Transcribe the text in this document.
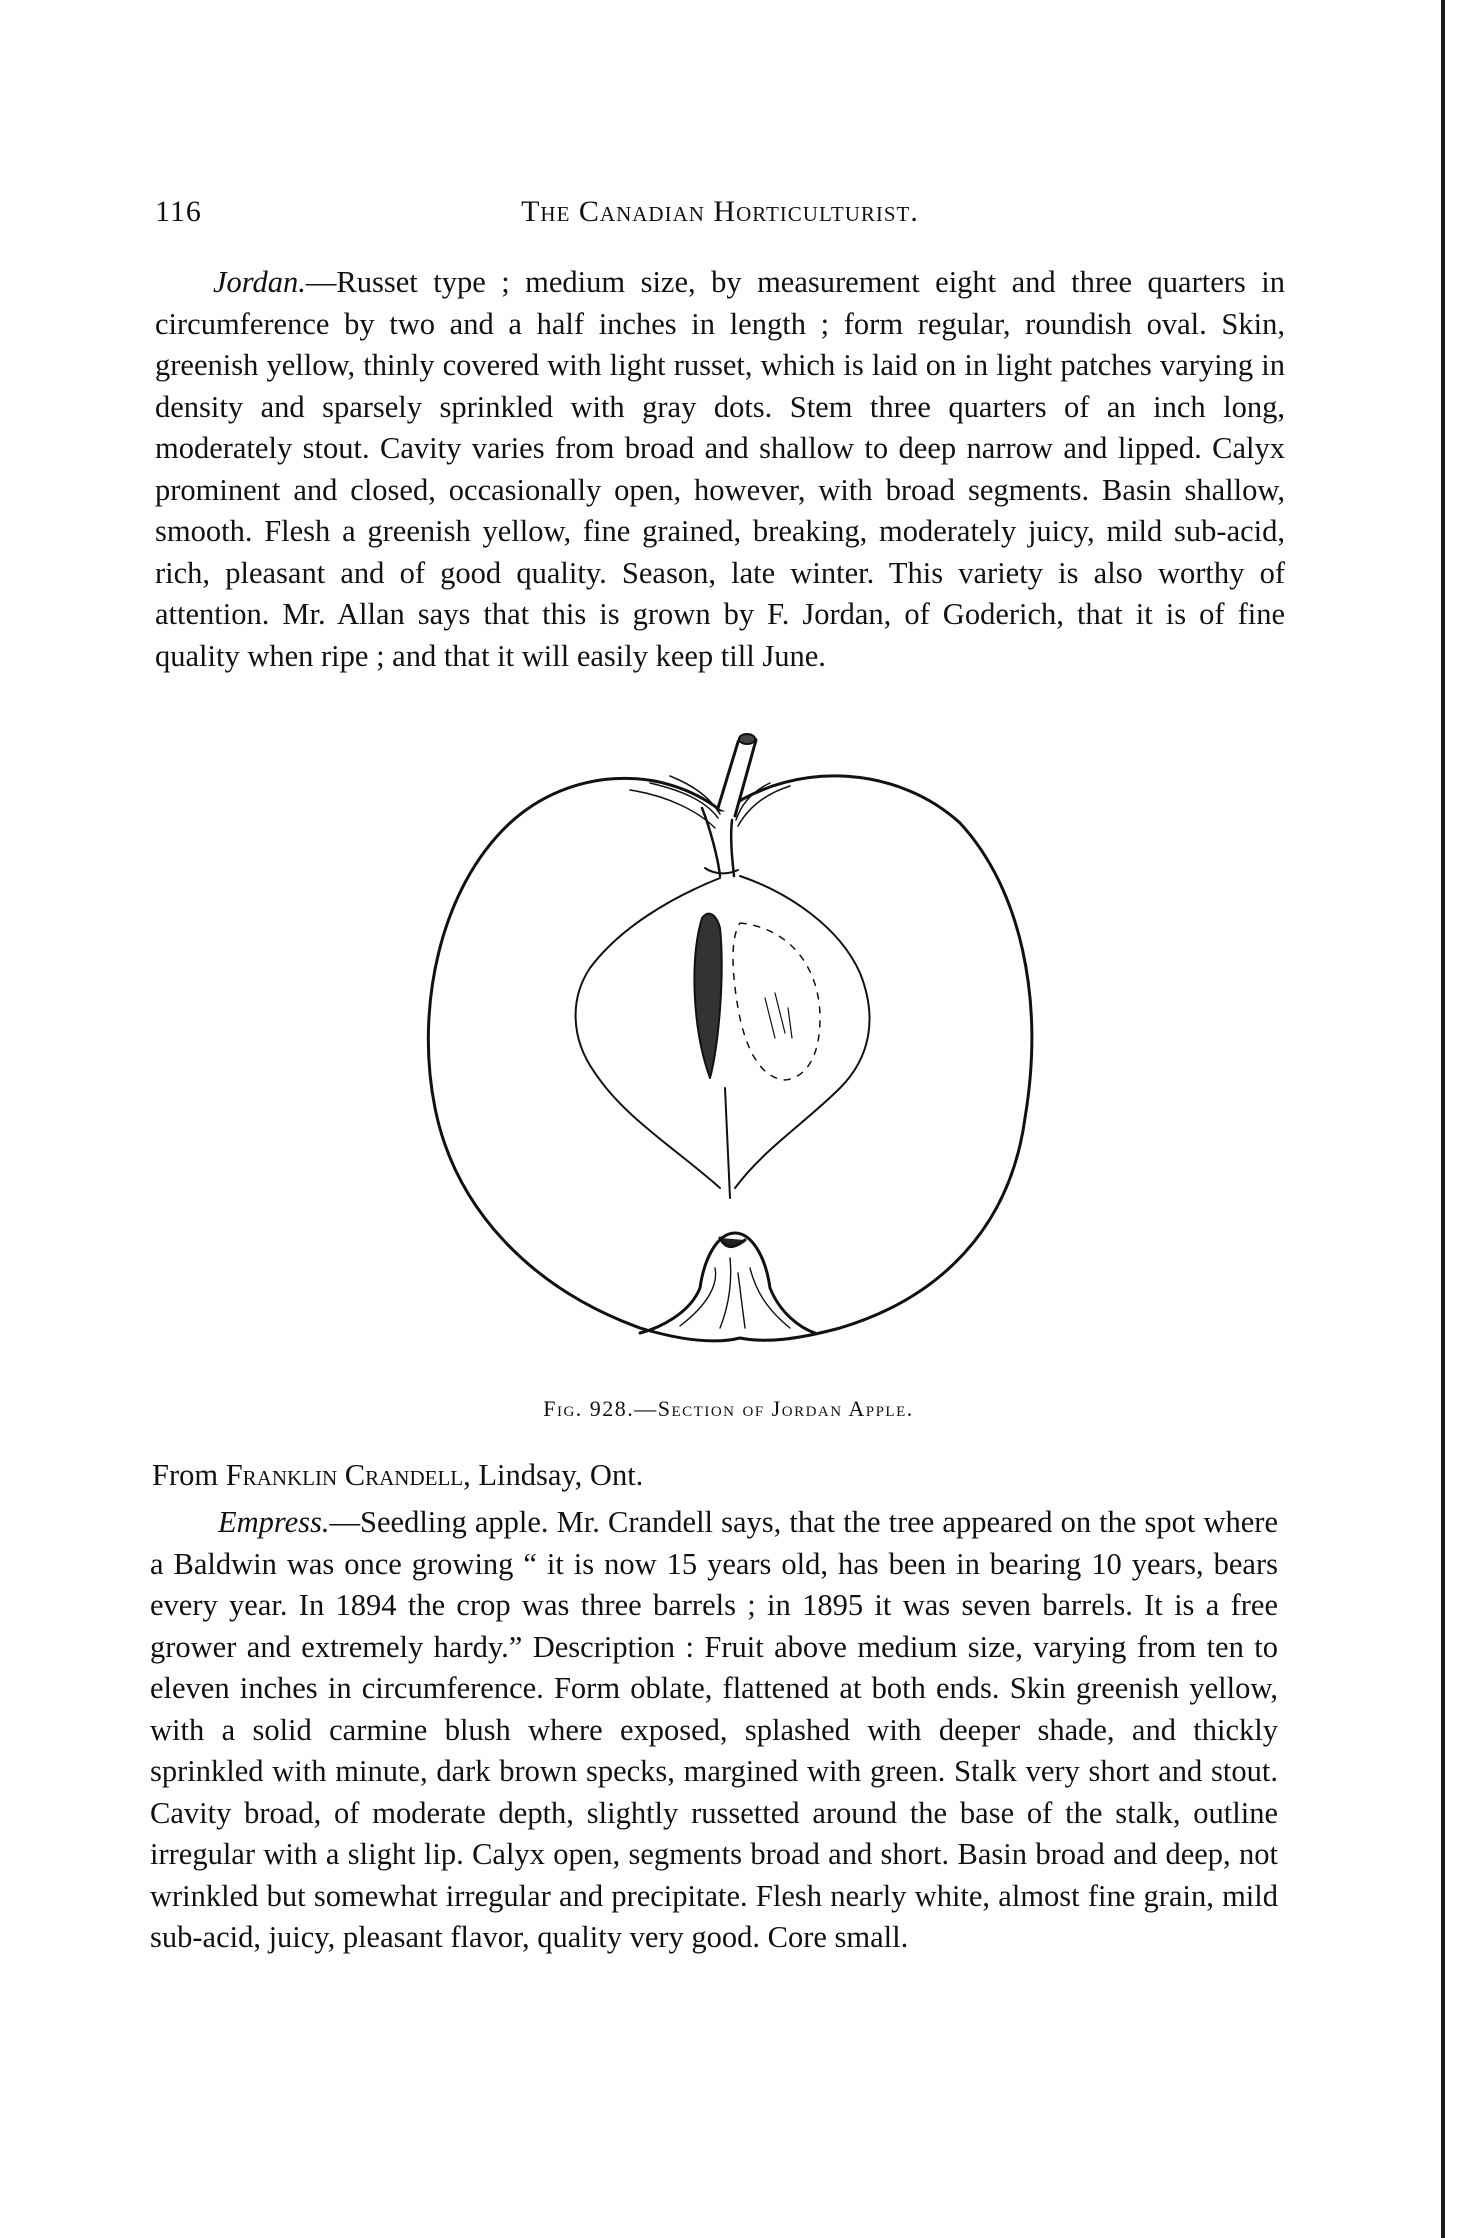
116	The Canadian Horticulturist.

Jordan.—Russet type ; medium size, by measurement eight and three quarters in circumference by two and a half inches in length ; form regular, roundish oval. Skin, greenish yellow, thinly covered with light russet, which is laid on in light patches varying in density and sparsely sprinkled with gray dots. Stem three quarters of an inch long, moderately stout. Cavity varies from broad and shallow to deep narrow and lipped. Calyx prominent and closed, occasionally open, however, with broad segments. Basin shallow, smooth. Flesh a greenish yellow, fine grained, breaking, moderately juicy, mild sub-acid, rich, pleasant and of good quality. Season, late winter. This variety is also worthy of attention. Mr. Allan says that this is grown by F. Jordan, of Goderich, that it is of fine quality when ripe ; and that it will easily keep till June.

Fig. 928.—Section of Jordan Apple.
From Franklin Crandell, Lindsay, Ont.

Empress.—Seedling apple. Mr. Crandell says, that the tree appeared on the spot where a Baldwin was once growing “ it is now 15 years old, has been in bearing 10 years, bears every year. In 1894 the crop was three barrels ; in 1895 it was seven barrels. It is a free grower and extremely hardy.” Description : Fruit above medium size, varying from ten to eleven inches in circumference. Form oblate, flattened at both ends. Skin greenish yellow, with a solid carmine blush where exposed, splashed with deeper shade, and thickly sprinkled with minute, dark brown specks, margined with green. Stalk very short and stout. Cavity broad, of moderate depth, slightly russetted around the base of the stalk, outline irregular with a slight lip. Calyx open, segments broad and short. Basin broad and deep, not wrinkled but somewhat irregular and precipitate. Flesh nearly white, almost fine grain, mild sub-acid, juicy, pleasant flavor, quality very good. Core small.
